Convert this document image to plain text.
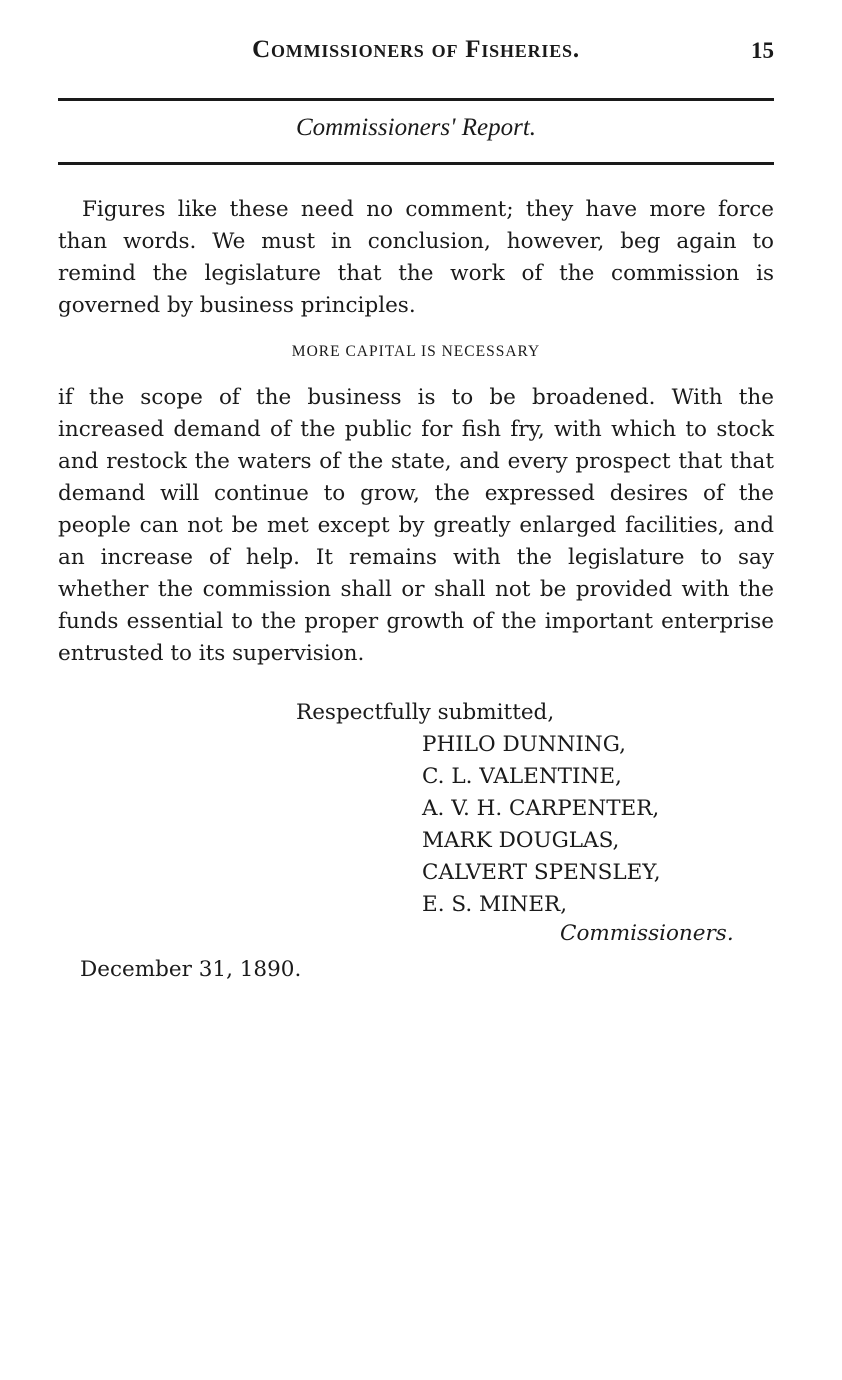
Commissioners of Fisheries.	15
Commissioners' Report.

Figures like these need no comment; they have more force than words. We must in conclusion, however, beg again to remind the legislature that the work of the commission is governed by business principles.

MORE CAPITAL IS NECESSARY

if the scope of the business is to be broadened. With the increased demand of the public for fish fry, with which to stock and restock the waters of the state, and every prospect that that demand will continue to grow, the expressed desires of the people can not be met except by greatly enlarged facilities, and an increase of help. It remains with the legislature to say whether the commission shall or shall not be provided with the funds essential to the proper growth of the important enterprise entrusted to its supervision.

Respectfully submitted,
PHILO DUNNING,
C. L. VALENTINE,
A. V. H. CARPENTER,
MARK DOUGLAS,
CALVERT SPENSLEY,
E. S. MINER,
Commissioners.
December 31, 1890.
